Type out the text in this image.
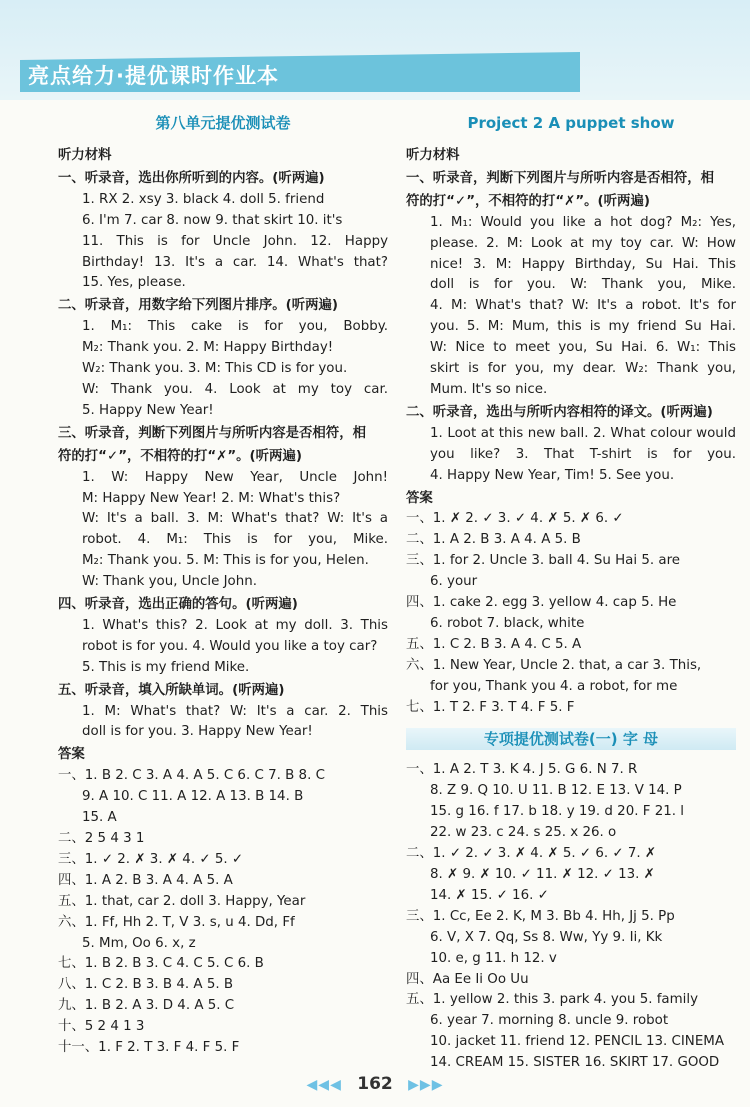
亮点给力·提优课时作业本
第八单元提优测试卷
听力材料
一、听录音，选出你所听到的内容。(听两遍)
1. RX 2. xsy 3. black 4. doll 5. friend
6. I'm 7. car 8. now 9. that skirt 10. it's
11. This is for Uncle John. 12. Happy
Birthday! 13. It's a car. 14. What's that?
15. Yes, please.
二、听录音，用数字给下列图片排序。(听两遍)
1. M₁: This cake is for you, Bobby.
M₂: Thank you. 2. M: Happy Birthday!
W₂: Thank you. 3. M: This CD is for you.
W: Thank you. 4. Look at my toy car.
5. Happy New Year!
三、听录音，判断下列图片与所听内容是否相符，相
符的打“✓”，不相符的打“✗”。(听两遍)
1. W: Happy New Year, Uncle John!
M: Happy New Year! 2. M: What's this?
W: It's a ball. 3. M: What's that? W: It's a
robot. 4. M₁: This is for you, Mike.
M₂: Thank you. 5. M: This is for you, Helen.
W: Thank you, Uncle John.
四、听录音，选出正确的答句。(听两遍)
1. What's this? 2. Look at my doll. 3. This
robot is for you. 4. Would you like a toy car?
5. This is my friend Mike.
五、听录音，填入所缺单词。(听两遍)
1. M: What's that? W: It's a car. 2. This
doll is for you. 3. Happy New Year!
答案
一、1. B 2. C 3. A 4. A 5. C 6. C 7. B 8. C
9. A 10. C 11. A 12. A 13. B 14. B
15. A
二、2 5 4 3 1
三、1. ✓ 2. ✗ 3. ✗ 4. ✓ 5. ✓
四、1. A 2. B 3. A 4. A 5. A
五、1. that, car 2. doll 3. Happy, Year
六、1. Ff, Hh 2. T, V 3. s, u 4. Dd, Ff
5. Mm, Oo 6. x, z
七、1. B 2. B 3. C 4. C 5. C 6. B
八、1. C 2. B 3. B 4. A 5. B
九、1. B 2. A 3. D 4. A 5. C
十、5 2 4 1 3
十一、1. F 2. T 3. F 4. F 5. F
Project 2 A puppet show
听力材料
一、听录音，判断下列图片与所听内容是否相符，相
符的打“✓”，不相符的打“✗”。(听两遍)
1. M₁: Would you like a hot dog? M₂: Yes,
please. 2. M: Look at my toy car. W: How
nice! 3. M: Happy Birthday, Su Hai. This
doll is for you. W: Thank you, Mike.
4. M: What's that? W: It's a robot. It's for
you. 5. M: Mum, this is my friend Su Hai.
W: Nice to meet you, Su Hai. 6. W₁: This
skirt is for you, my dear. W₂: Thank you,
Mum. It's so nice.
二、听录音，选出与所听内容相符的译文。(听两遍)
1. Loot at this new ball. 2. What colour would
you like? 3. That T-shirt is for you.
4. Happy New Year, Tim! 5. See you.
答案
一、1. ✗ 2. ✓ 3. ✓ 4. ✗ 5. ✗ 6. ✓
二、1. A 2. B 3. A 4. A 5. B
三、1. for 2. Uncle 3. ball 4. Su Hai 5. are
6. your
四、1. cake 2. egg 3. yellow 4. cap 5. He
6. robot 7. black, white
五、1. C 2. B 3. A 4. C 5. A
六、1. New Year, Uncle 2. that, a car 3. This,
for you, Thank you 4. a robot, for me
七、1. T 2. F 3. T 4. F 5. F
专项提优测试卷(一) 字 母
一、1. A 2. T 3. K 4. J 5. G 6. N 7. R
8. Z 9. Q 10. U 11. B 12. E 13. V 14. P
15. g 16. f 17. b 18. y 19. d 20. F 21. l
22. w 23. c 24. s 25. x 26. o
二、1. ✓ 2. ✓ 3. ✗ 4. ✗ 5. ✓ 6. ✓ 7. ✗
8. ✗ 9. ✗ 10. ✓ 11. ✗ 12. ✓ 13. ✗
14. ✗ 15. ✓ 16. ✓
三、1. Cc, Ee 2. K, M 3. Bb 4. Hh, Jj 5. Pp
6. V, X 7. Qq, Ss 8. Ww, Yy 9. Ii, Kk
10. e, g 11. h 12. v
四、Aa Ee Ii Oo Uu
五、1. yellow 2. this 3. park 4. you 5. family
6. year 7. morning 8. uncle 9. robot
10. jacket 11. friend 12. PENCIL 13. CINEMA
14. CREAM 15. SISTER 16. SKIRT 17. GOOD
◀◀◀ 162 ▶▶▶
